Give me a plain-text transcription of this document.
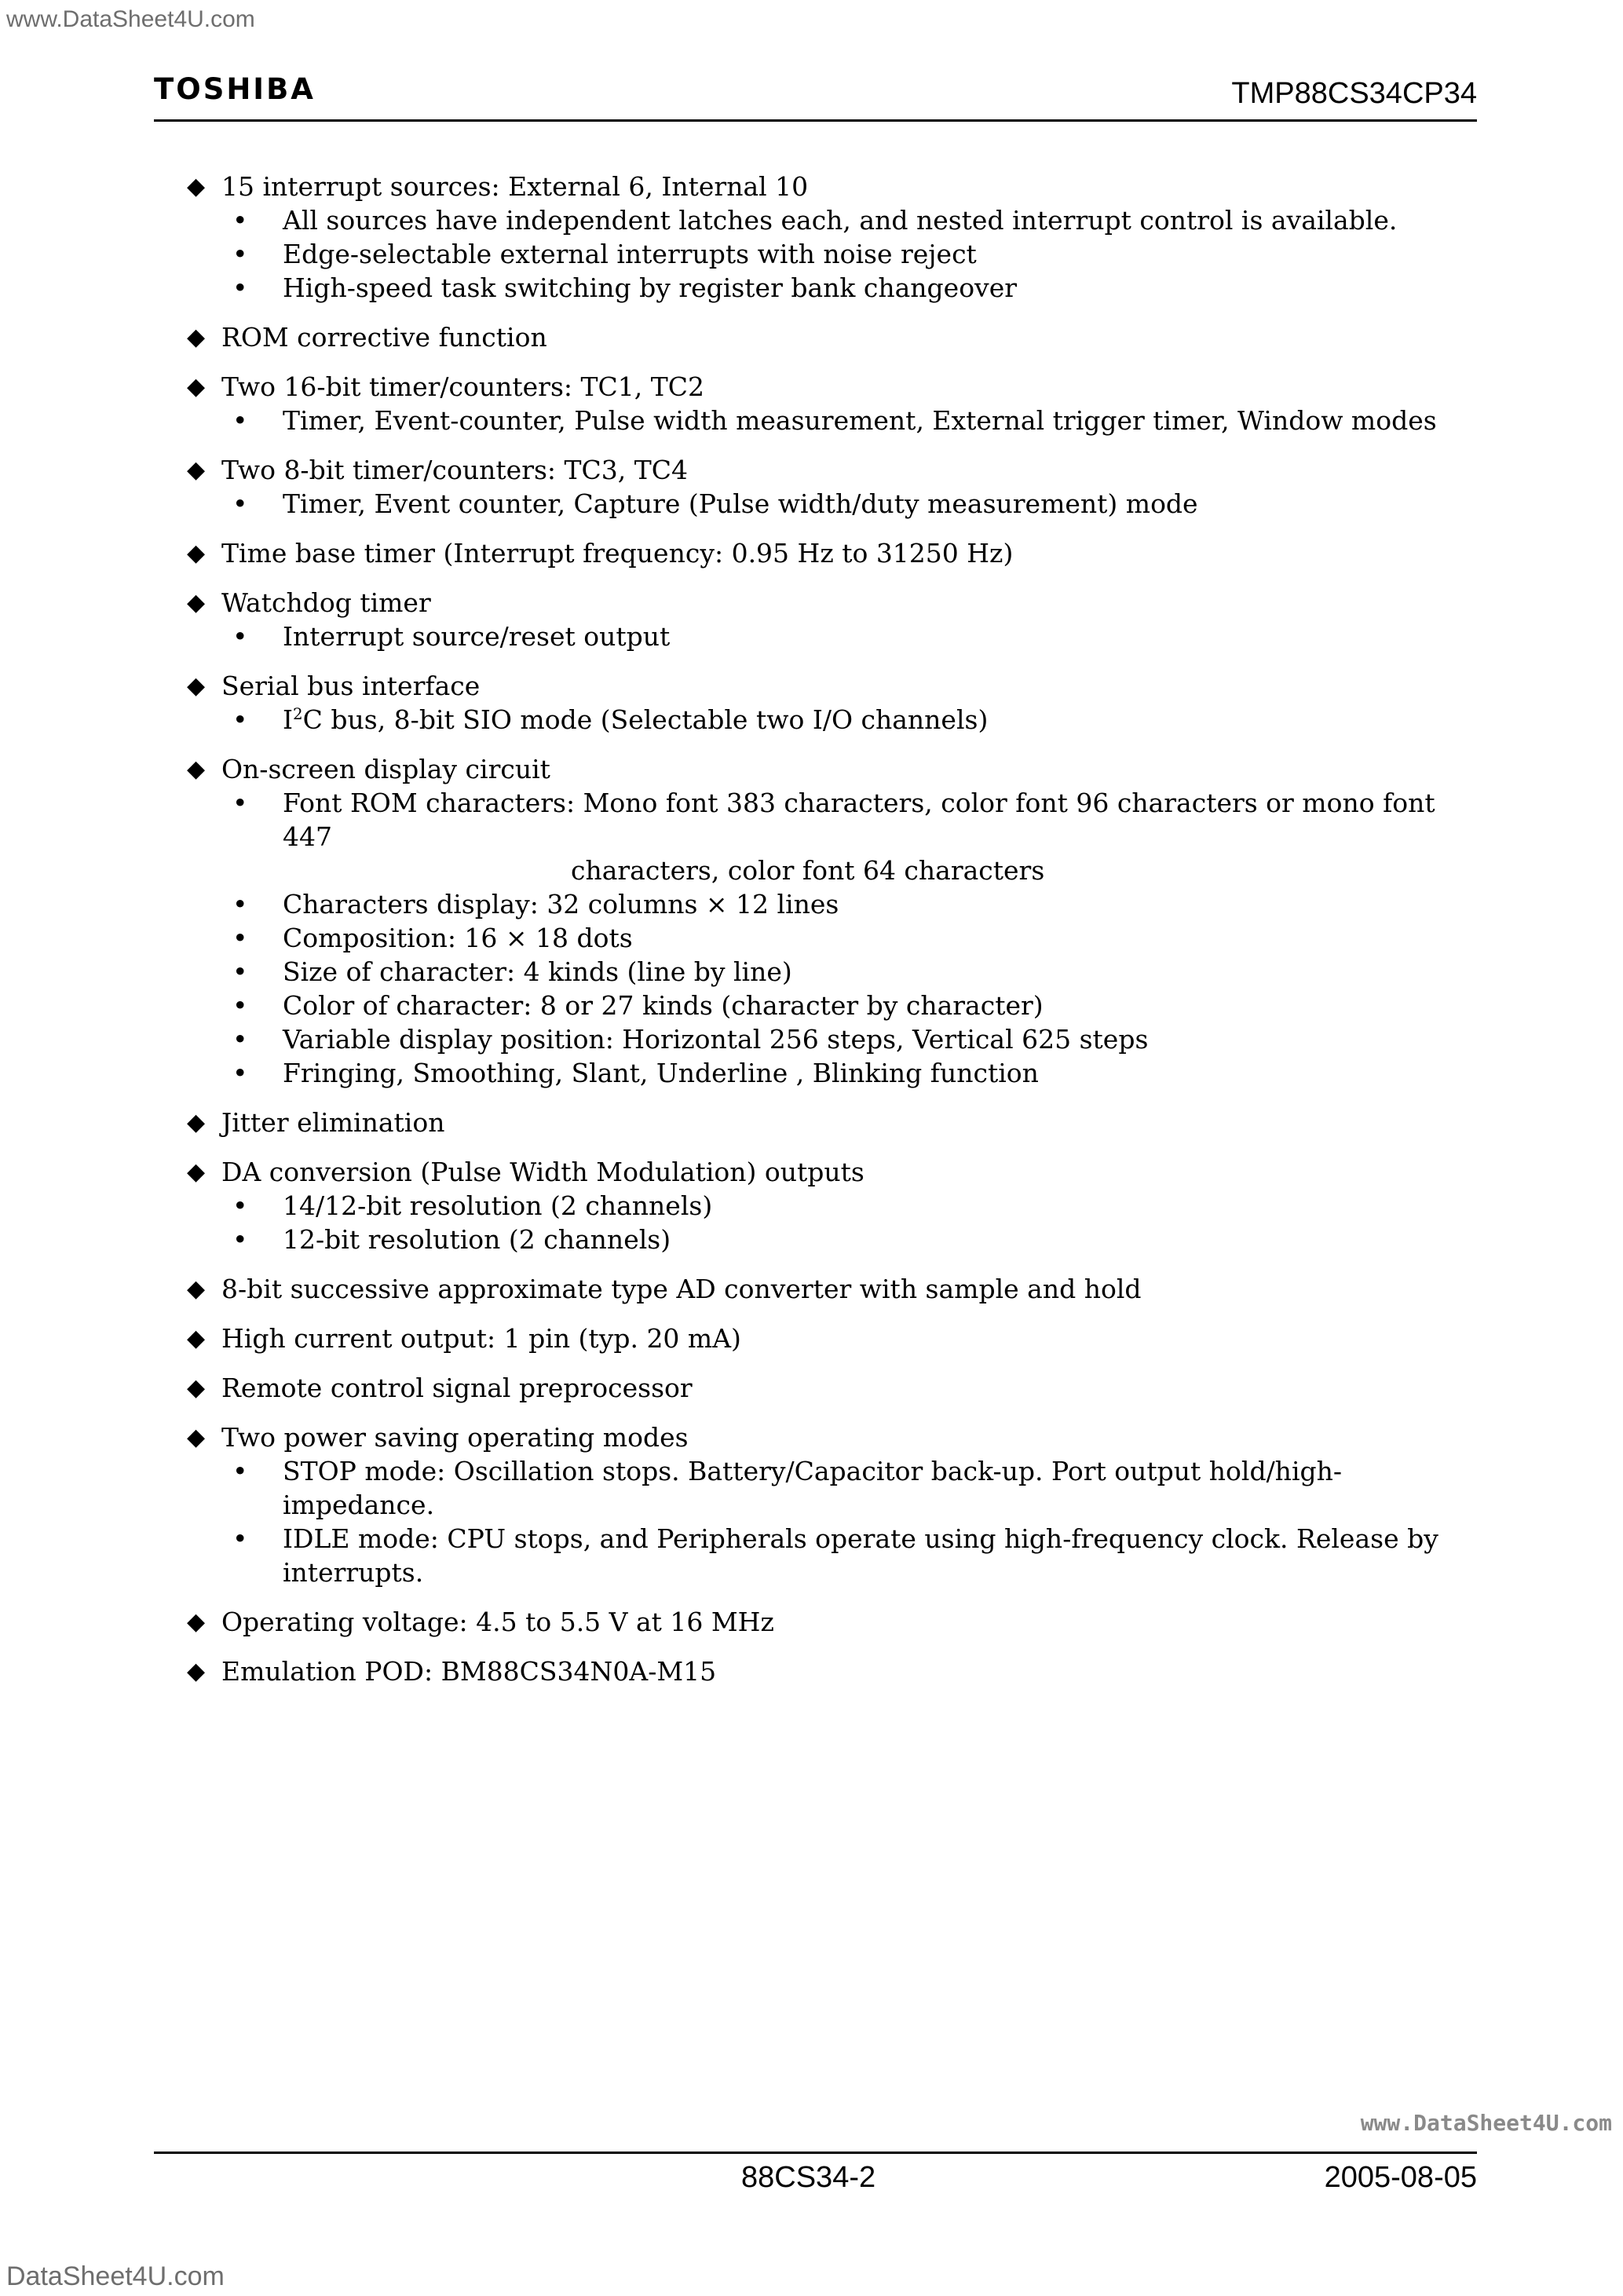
www.DataSheet4U.com
TOSHIBA	TMP88CS34CP34
◆ 15 interrupt sources: External 6, Internal 10
• All sources have independent latches each, and nested interrupt control is available.
• Edge-selectable external interrupts with noise reject
• High-speed task switching by register bank changeover
◆ ROM corrective function
◆ Two 16-bit timer/counters: TC1, TC2
• Timer, Event-counter, Pulse width measurement, External trigger timer, Window modes
◆ Two 8-bit timer/counters: TC3, TC4
• Timer, Event counter, Capture (Pulse width/duty measurement) mode
◆ Time base timer (Interrupt frequency: 0.95 Hz to 31250 Hz)
◆ Watchdog timer
• Interrupt source/reset output
◆ Serial bus interface
• $I^2C$ bus, 8-bit SIO mode (Selectable two I/O channels)
◆ On-screen display circuit
• Font ROM characters: Mono font 383 characters, color font 96 characters or mono font 447
characters, color font 64 characters
• Characters display: 32 columns × 12 lines
• Composition: 16 × 18 dots
• Size of character: 4 kinds (line by line)
• Color of character: 8 or 27 kinds (character by character)
• Variable display position: Horizontal 256 steps, Vertical 625 steps
• Fringing, Smoothing, Slant, Underline , Blinking function
◆ Jitter elimination
◆ DA conversion (Pulse Width Modulation) outputs
• 14/12-bit resolution (2 channels)
• 12-bit resolution (2 channels)
◆ 8-bit successive approximate type AD converter with sample and hold
◆ High current output: 1 pin (typ. 20 mA)
◆ Remote control signal preprocessor
◆ Two power saving operating modes
• STOP mode: Oscillation stops. Battery/Capacitor back-up. Port output hold/high-impedance.
• IDLE mode: CPU stops, and Peripherals operate using high-frequency clock. Release by interrupts.
◆ Operating voltage: 4.5 to 5.5 V at 16 MHz
◆ Emulation POD: BM88CS34N0A-M15
www.DataSheet4U.com
88CS34-2	2005-08-05
DataSheet4U.com
